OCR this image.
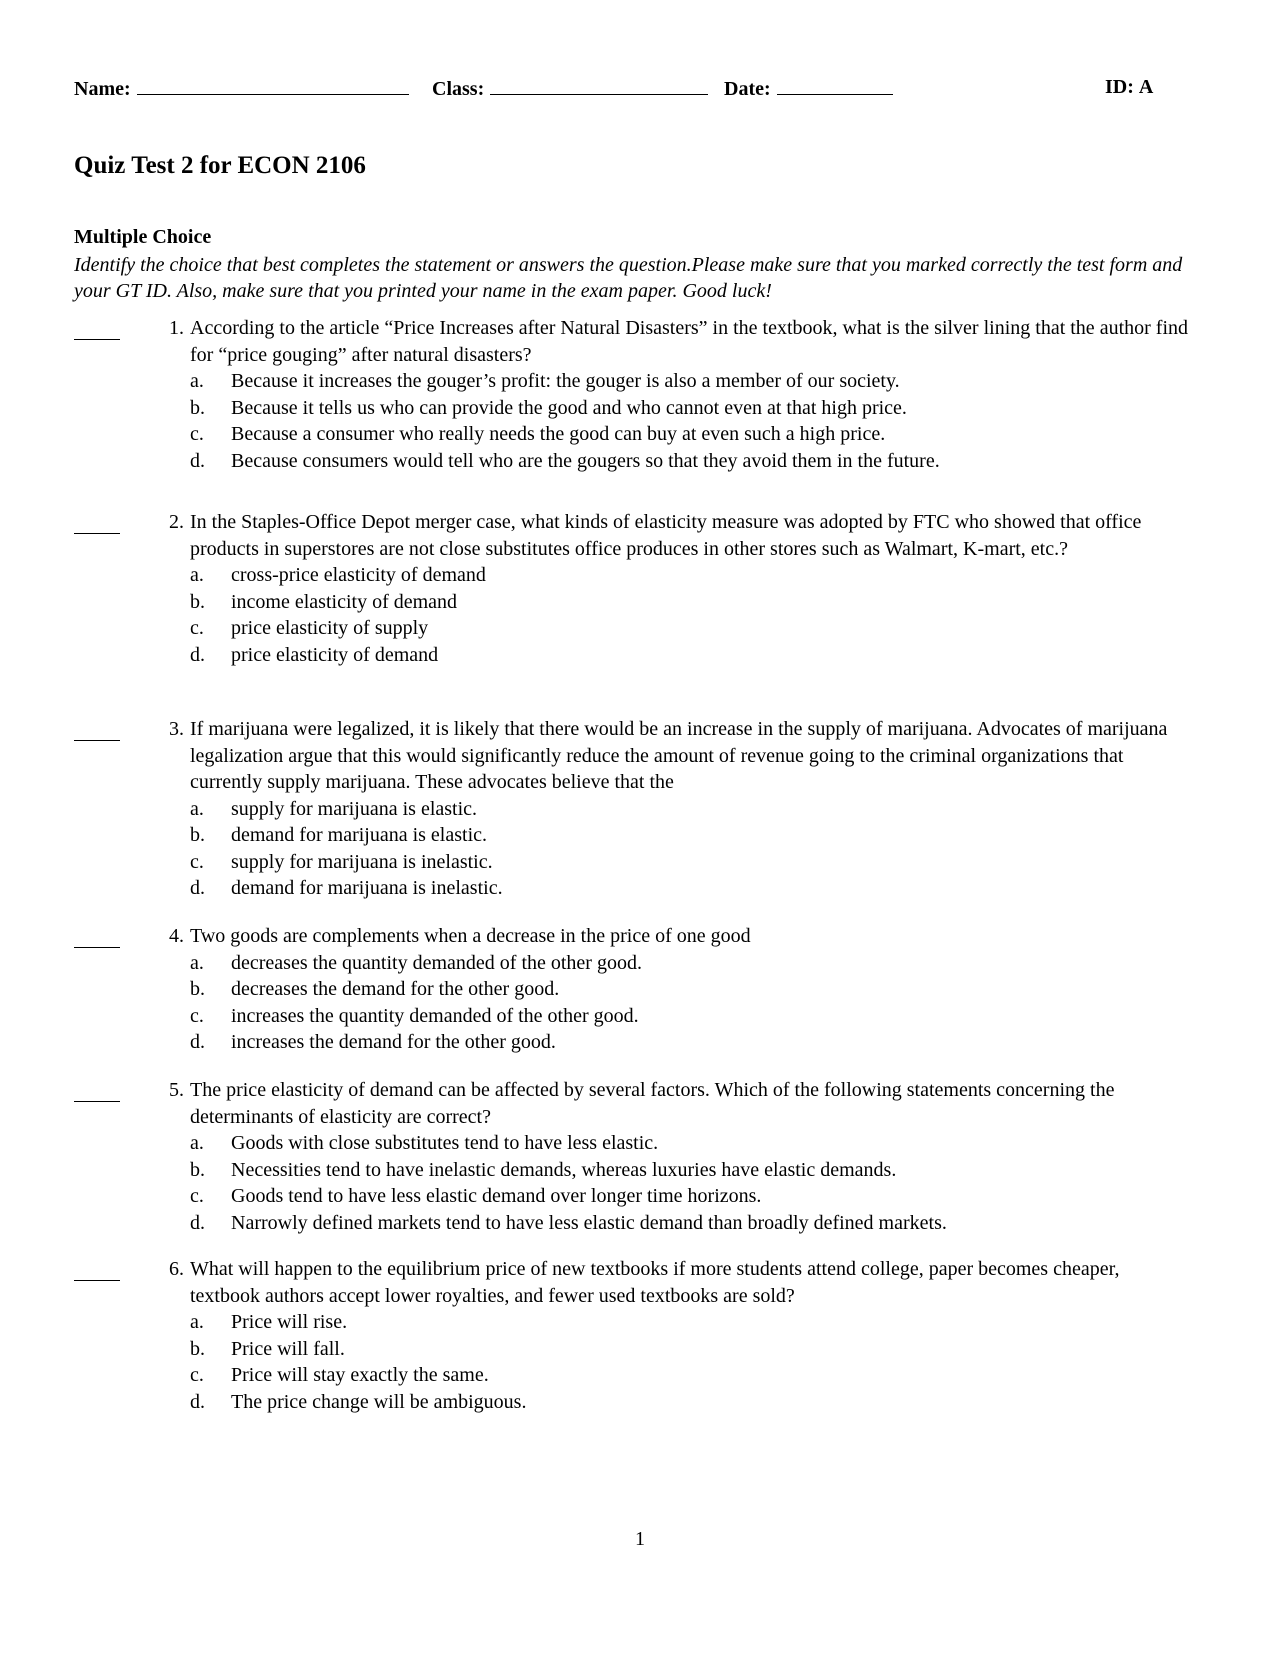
Name:	Class:	Date:	ID: A
Quiz Test 2 for ECON 2106
Multiple Choice
Identify the choice that best completes the statement or answers the question.Please make sure that you marked correctly the test form and your GT ID. Also, make sure that you printed your name in the exam paper. Good luck!
1. According to the article “Price Increases after Natural Disasters” in the textbook, what is the silver lining that the author find for “price gouging” after natural disasters?
a. Because it increases the gouger’s profit: the gouger is also a member of our society.
b. Because it tells us who can provide the good and who cannot even at that high price.
c. Because a consumer who really needs the good can buy at even such a high price.
d. Because consumers would tell who are the gougers so that they avoid them in the future.
2. In the Staples-Office Depot merger case, what kinds of elasticity measure was adopted by FTC who showed that office products in superstores are not close substitutes office produces in other stores such as Walmart, K-mart, etc.?
a. cross-price elasticity of demand
b. income elasticity of demand
c. price elasticity of supply
d. price elasticity of demand
3. If marijuana were legalized, it is likely that there would be an increase in the supply of marijuana. Advocates of marijuana legalization argue that this would significantly reduce the amount of revenue going to the criminal organizations that currently supply marijuana. These advocates believe that the
a. supply for marijuana is elastic.
b. demand for marijuana is elastic.
c. supply for marijuana is inelastic.
d. demand for marijuana is inelastic.
4. Two goods are complements when a decrease in the price of one good
a. decreases the quantity demanded of the other good.
b. decreases the demand for the other good.
c. increases the quantity demanded of the other good.
d. increases the demand for the other good.
5. The price elasticity of demand can be affected by several factors. Which of the following statements concerning the determinants of elasticity are correct?
a. Goods with close substitutes tend to have less elastic.
b. Necessities tend to have inelastic demands, whereas luxuries have elastic demands.
c. Goods tend to have less elastic demand over longer time horizons.
d. Narrowly defined markets tend to have less elastic demand than broadly defined markets.
6. What will happen to the equilibrium price of new textbooks if more students attend college, paper becomes cheaper, textbook authors accept lower royalties, and fewer used textbooks are sold?
a. Price will rise.
b. Price will fall.
c. Price will stay exactly the same.
d. The price change will be ambiguous.
1
